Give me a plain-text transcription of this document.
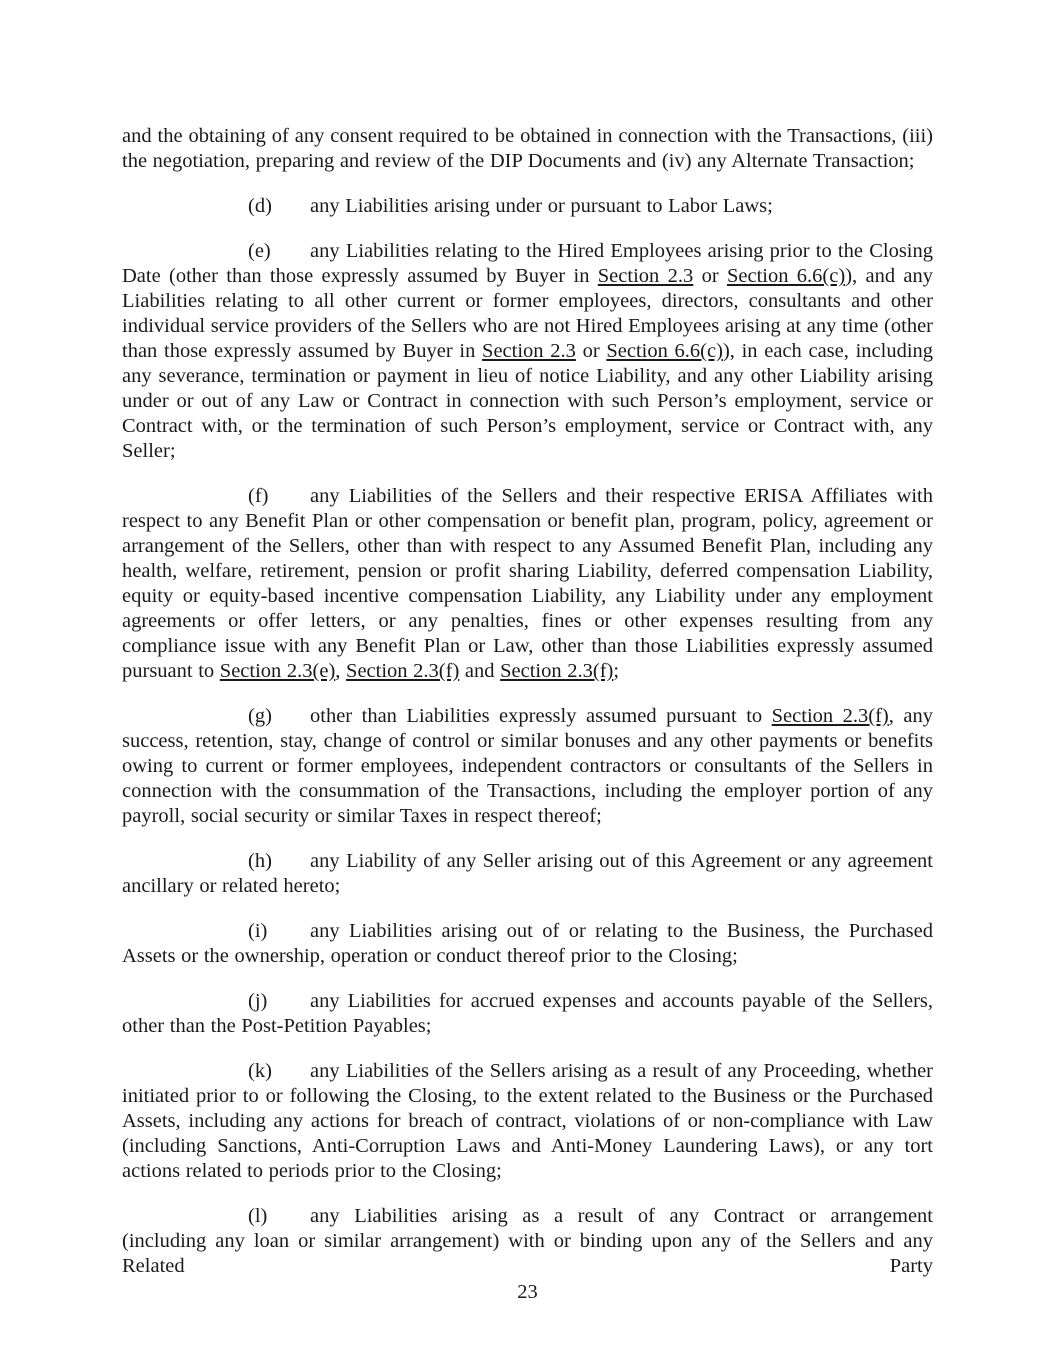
and the obtaining of any consent required to be obtained in connection with the Transactions, (iii) the negotiation, preparing and review of the DIP Documents and (iv) any Alternate Transaction;

(d) any Liabilities arising under or pursuant to Labor Laws;

(e) any Liabilities relating to the Hired Employees arising prior to the Closing Date (other than those expressly assumed by Buyer in Section 2.3 or Section 6.6(c)), and any Liabilities relating to all other current or former employees, directors, consultants and other individual service providers of the Sellers who are not Hired Employees arising at any time (other than those expressly assumed by Buyer in Section 2.3 or Section 6.6(c)), in each case, including any severance, termination or payment in lieu of notice Liability, and any other Liability arising under or out of any Law or Contract in connection with such Person’s employment, service or Contract with, or the termination of such Person’s employment, service or Contract with, any Seller;

(f) any Liabilities of the Sellers and their respective ERISA Affiliates with respect to any Benefit Plan or other compensation or benefit plan, program, policy, agreement or arrangement of the Sellers, other than with respect to any Assumed Benefit Plan, including any health, welfare, retirement, pension or profit sharing Liability, deferred compensation Liability, equity or equity-based incentive compensation Liability, any Liability under any employment agreements or offer letters, or any penalties, fines or other expenses resulting from any compliance issue with any Benefit Plan or Law, other than those Liabilities expressly assumed pursuant to Section 2.3(e), Section 2.3(f) and Section 2.3(f);

(g) other than Liabilities expressly assumed pursuant to Section 2.3(f), any success, retention, stay, change of control or similar bonuses and any other payments or benefits owing to current or former employees, independent contractors or consultants of the Sellers in connection with the consummation of the Transactions, including the employer portion of any payroll, social security or similar Taxes in respect thereof;

(h) any Liability of any Seller arising out of this Agreement or any agreement ancillary or related hereto;

(i) any Liabilities arising out of or relating to the Business, the Purchased Assets or the ownership, operation or conduct thereof prior to the Closing;

(j) any Liabilities for accrued expenses and accounts payable of the Sellers, other than the Post-Petition Payables;

(k) any Liabilities of the Sellers arising as a result of any Proceeding, whether initiated prior to or following the Closing, to the extent related to the Business or the Purchased Assets, including any actions for breach of contract, violations of or non-compliance with Law (including Sanctions, Anti-Corruption Laws and Anti-Money Laundering Laws), or any tort actions related to periods prior to the Closing;

(l) any Liabilities arising as a result of any Contract or arrangement (including any loan or similar arrangement) with or binding upon any of the Sellers and any Related Party

23
